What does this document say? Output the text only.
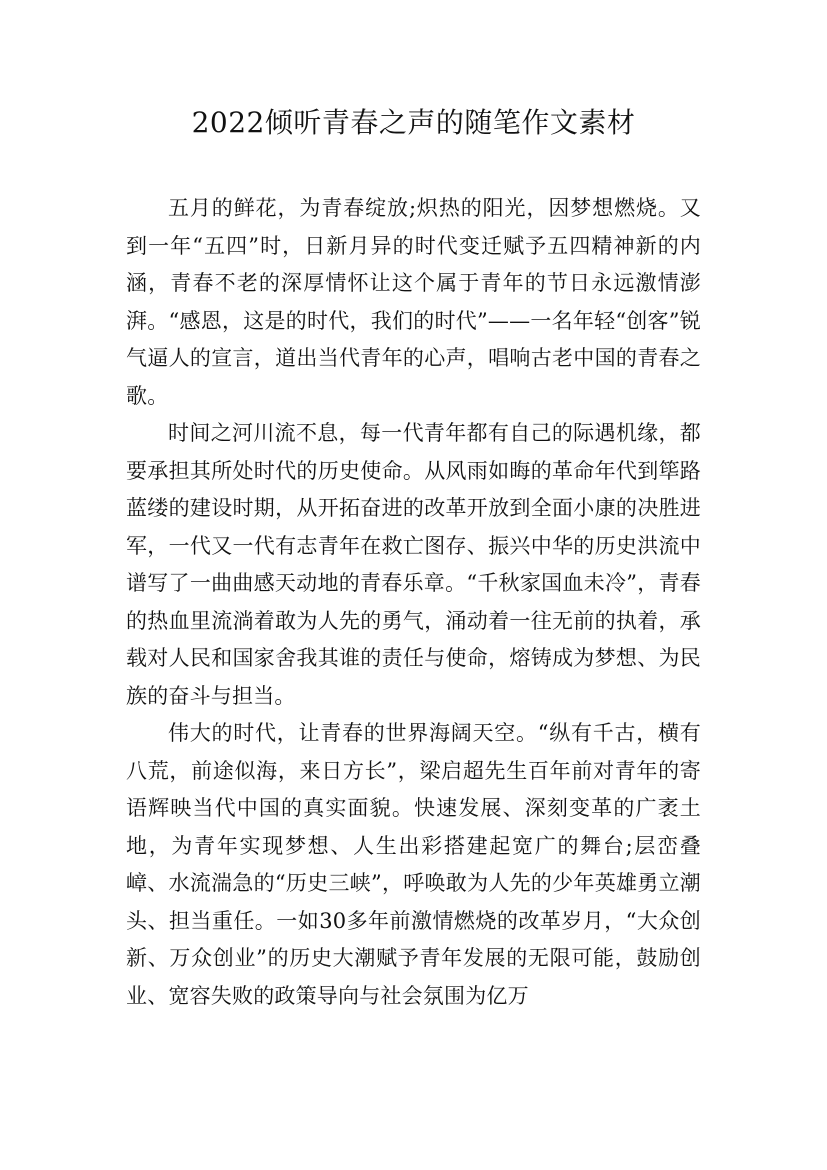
2022倾听青春之声的随笔作文素材

五月的鲜花，为青春绽放;炽热的阳光，因梦想燃烧。又到一年“五四”时，日新月异的时代变迁赋予五四精神新的内涵，青春不老的深厚情怀让这个属于青年的节日永远激情澎湃。“感恩，这是的时代，我们的时代”——一名年轻“创客”锐气逼人的宣言，道出当代青年的心声，唱响古老中国的青春之歌。

时间之河川流不息，每一代青年都有自己的际遇机缘，都要承担其所处时代的历史使命。从风雨如晦的革命年代到筚路蓝缕的建设时期，从开拓奋进的改革开放到全面小康的决胜进军，一代又一代有志青年在救亡图存、振兴中华的历史洪流中谱写了一曲曲感天动地的青春乐章。“千秋家国血未冷”，青春的热血里流淌着敢为人先的勇气，涌动着一往无前的执着，承载对人民和国家舍我其谁的责任与使命，熔铸成为梦想、为民族的奋斗与担当。

伟大的时代，让青春的世界海阔天空。“纵有千古，横有八荒，前途似海，来日方长”，梁启超先生百年前对青年的寄语辉映当代中国的真实面貌。快速发展、深刻变革的广袤土地，为青年实现梦想、人生出彩搭建起宽广的舞台;层峦叠嶂、水流湍急的“历史三峡”，呼唤敢为人先的少年英雄勇立潮头、担当重任。一如30多年前激情燃烧的改革岁月，“大众创新、万众创业”的历史大潮赋予青年发展的无限可能，鼓励创业、宽容失败的政策导向与社会氛围为亿万
